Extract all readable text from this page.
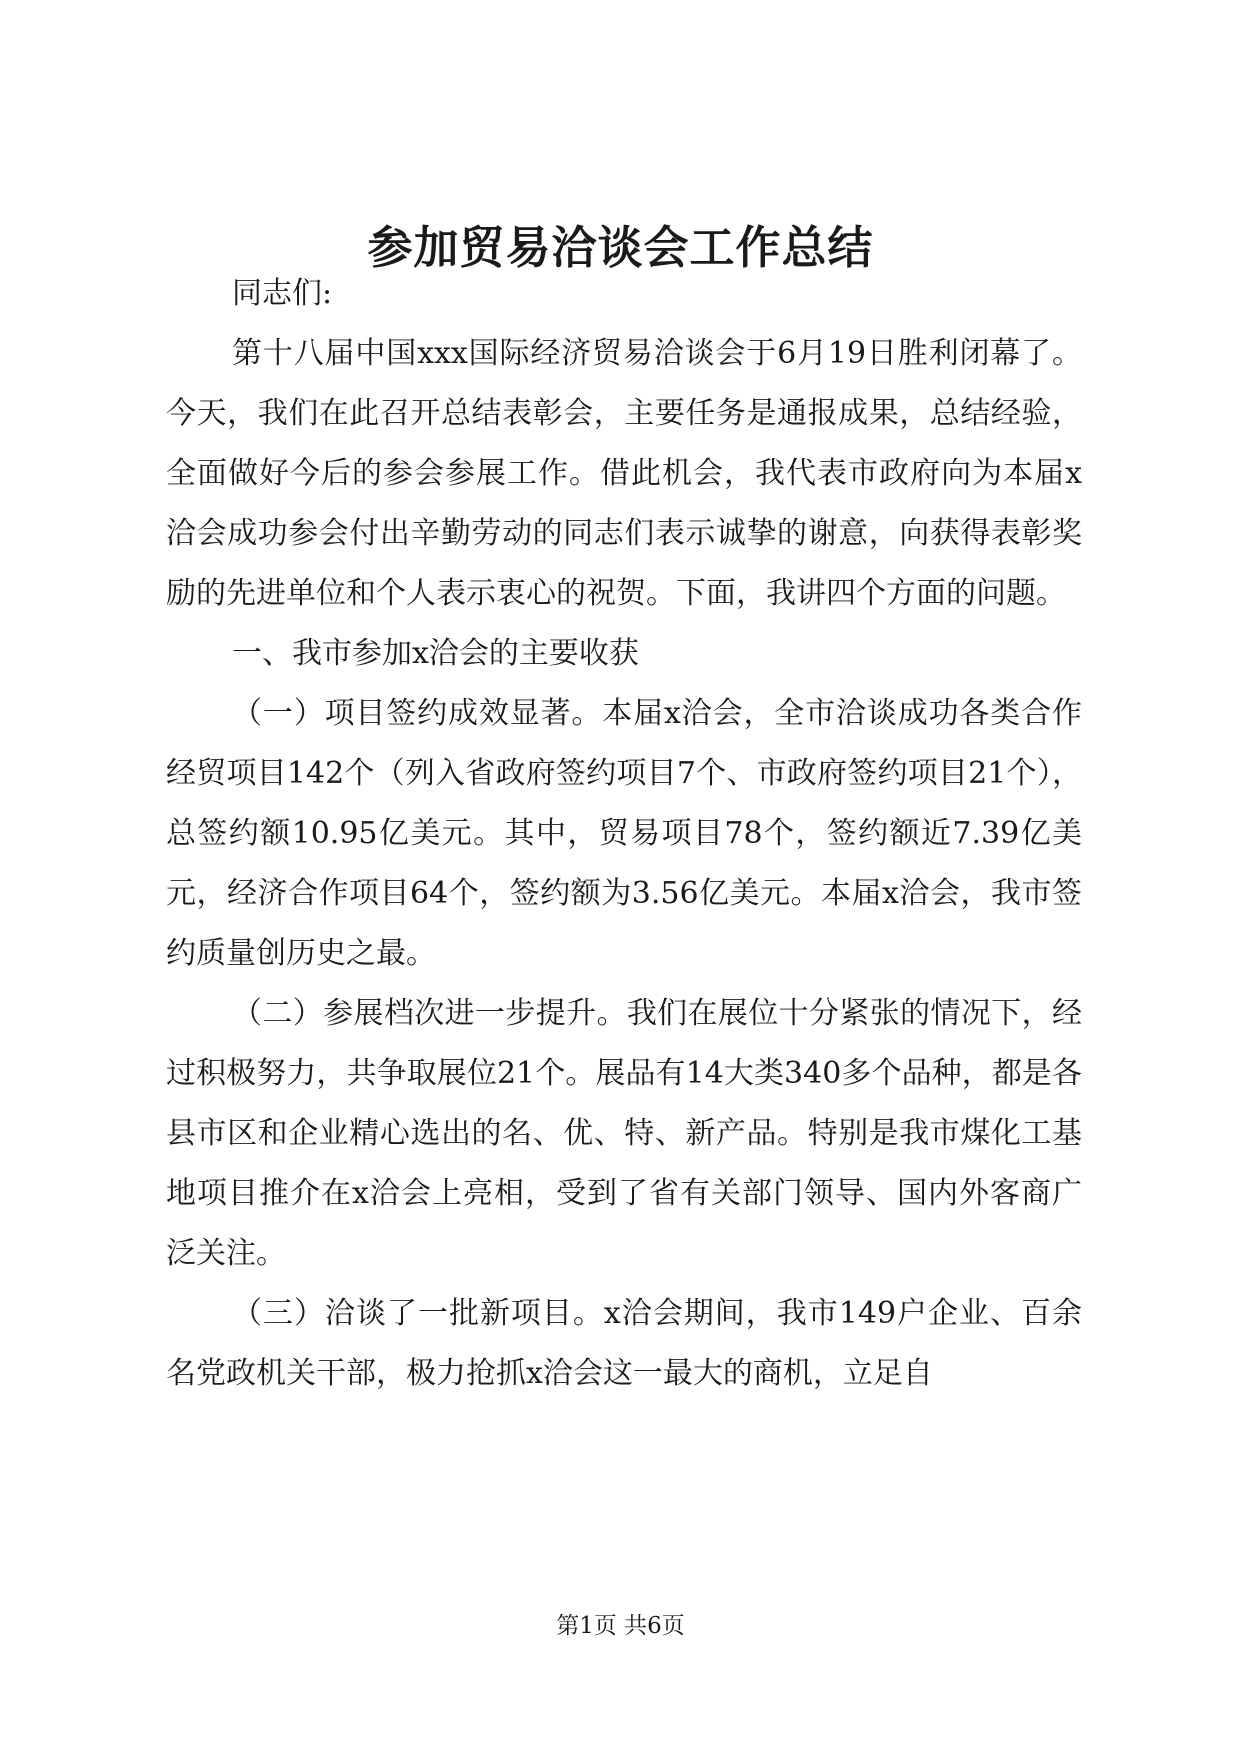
参加贸易洽谈会工作总结

同志们:

第十八届中国xxx国际经济贸易洽谈会于6月19日胜利闭幕了。今天，我们在此召开总结表彰会，主要任务是通报成果，总结经验，全面做好今后的参会参展工作。借此机会，我代表市政府向为本届x洽会成功参会付出辛勤劳动的同志们表示诚挚的谢意，向获得表彰奖励的先进单位和个人表示衷心的祝贺。下面，我讲四个方面的问题。

一、我市参加x洽会的主要收获

（一）项目签约成效显著。本届x洽会，全市洽谈成功各类合作经贸项目142个（列入省政府签约项目7个、市政府签约项目21个），总签约额10.95亿美元。其中，贸易项目78个，签约额近7.39亿美元，经济合作项目64个，签约额为3.56亿美元。本届x洽会，我市签约质量创历史之最。

（二）参展档次进一步提升。我们在展位十分紧张的情况下，经过积极努力，共争取展位21个。展品有14大类340多个品种，都是各县市区和企业精心选出的名、优、特、新产品。特别是我市煤化工基地项目推介在x洽会上亮相，受到了省有关部门领导、国内外客商广泛关注。

（三）洽谈了一批新项目。x洽会期间，我市149户企业、百余名党政机关干部，极力抢抓x洽会这一最大的商机，立足自

第1页 共6页
